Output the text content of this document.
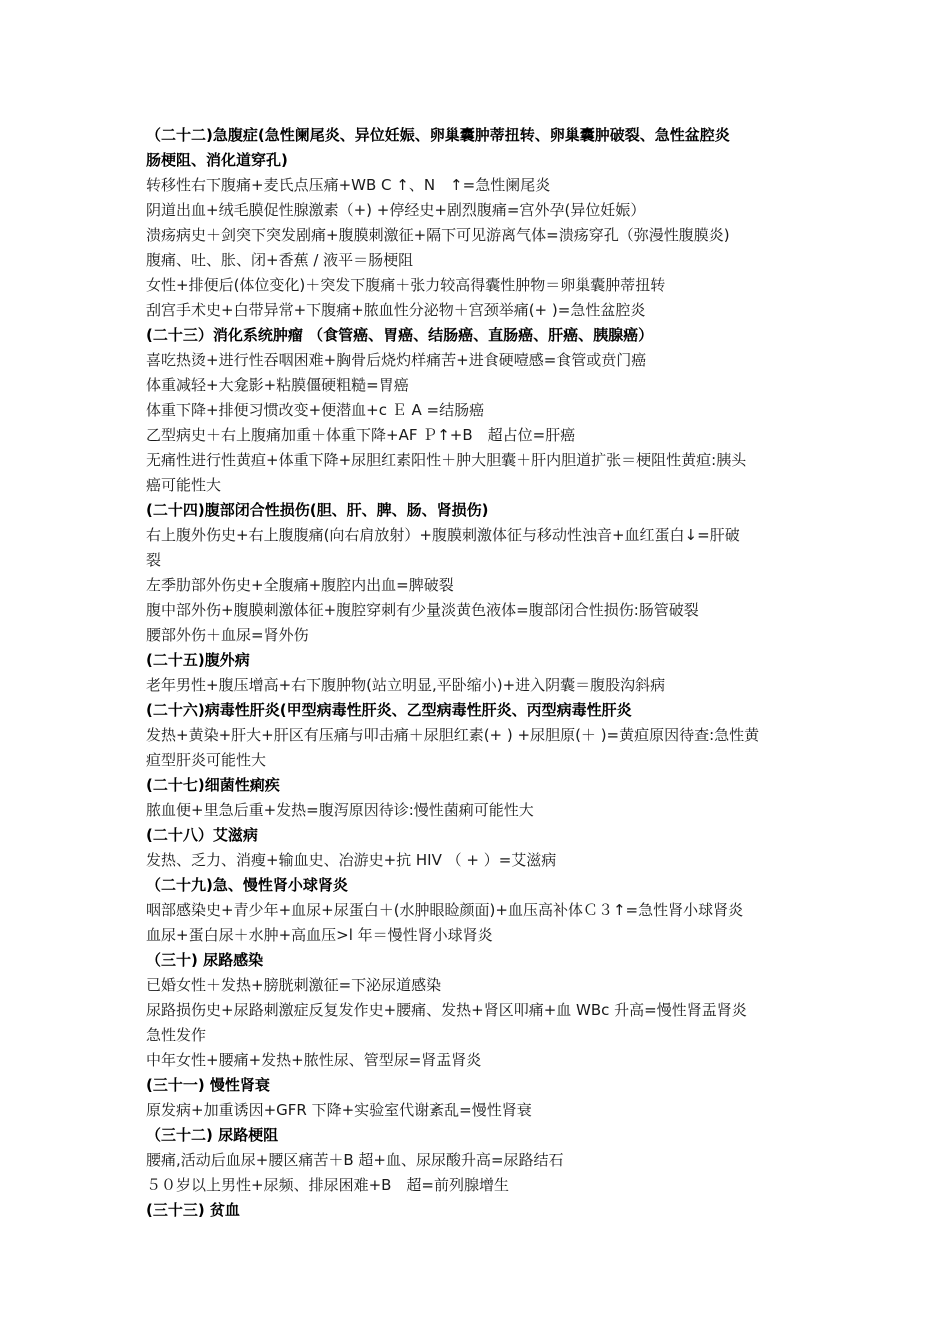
（二十二)急腹症(急性阑尾炎、异位妊娠、卵巢囊肿蒂扭转、卵巢囊肿破裂、急性盆腔炎
肠梗阻、消化道穿孔)
转移性右下腹痛+麦氏点压痛+WB C ↑、N　↑=急性阑尾炎
阴道出血+绒毛膜促性腺激素（+) +停经史+剧烈腹痛=宫外孕(异位妊娠）
溃疡病史＋剑突下突发剧痛+腹膜刺激征+隔下可见游离气体=溃疡穿孔（弥漫性腹膜炎)
腹痛、吐、胀、闭+香蕉 / 液平＝肠梗阻
女性+排便后(体位变化)＋突发下腹痛＋张力较高得囊性肿物＝卵巢囊肿蒂扭转
刮宫手术史+白带异常+下腹痛+脓血性分泌物＋宫颈举痛(+ )=急性盆腔炎
(二十三）消化系统肿瘤 （食管癌、胃癌、结肠癌、直肠癌、肝癌、胰腺癌）
喜吃热烫+进行性吞咽困难+胸骨后烧灼样痛苦+进食硬噎感=食管或贲门癌
体重减轻+大龛影+粘膜僵硬粗糙=胃癌
体重下降+排便习惯改变+便潜血+c Ｅ A =结肠癌
乙型病史＋右上腹痛加重＋体重下降+AF Ｐ↑+B　超占位=肝癌
无痛性进行性黄疸+体重下降+尿胆红素阳性＋肿大胆囊＋肝内胆道扩张＝梗阻性黄疸:胰头
癌可能性大
(二十四)腹部闭合性损伤(胆、肝、脾、肠、肾损伤)
右上腹外伤史+右上腹腹痛(向右肩放射）+腹膜刺激体征与移动性浊音+血红蛋白↓=肝破
裂
左季肋部外伤史+全腹痛+腹腔内出血=脾破裂
腹中部外伤+腹膜刺激体征+腹腔穿刺有少量淡黄色液体=腹部闭合性损伤:肠管破裂
腰部外伤＋血尿=肾外伤
(二十五)腹外病
老年男性+腹压增高+右下腹肿物(站立明显,平卧缩小)+进入阴囊＝腹股沟斜病
(二十六)病毒性肝炎(甲型病毒性肝炎、乙型病毒性肝炎、丙型病毒性肝炎
发热+黄染+肝大+肝区有压痛与叩击痛＋尿胆红素(+ ) +尿胆原(＋ )=黄疸原因待查:急性黄
疸型肝炎可能性大
(二十七)细菌性痢疾
脓血便+里急后重+发热=腹泻原因待诊:慢性菌痢可能性大
(二十八）艾滋病
发热、乏力、消瘦+输血史、冶游史+抗 HIV （ + ）=艾滋病
（二十九)急、慢性肾小球肾炎
咽部感染史+青少年+血尿+尿蛋白＋(水肿眼睑颜面)+血压高补体Ｃ３↑=急性肾小球肾炎
血尿+蛋白尿＋水肿+高血压>l 年＝慢性肾小球肾炎
（三十) 尿路感染
已婚女性＋发热+膀胱刺激征=下泌尿道感染
尿路损伤史+尿路刺激症反复发作史+腰痛、发热+肾区叩痛+血 WBc 升高=慢性肾盂肾炎
急性发作
中年女性+腰痛+发热+脓性尿、管型尿=肾盂肾炎
(三十一) 慢性肾衰
原发病+加重诱因+GFR 下降+实验室代谢紊乱=慢性肾衰
（三十二) 尿路梗阻
腰痛,活动后血尿+腰区痛苦＋B 超+血、尿尿酸升高=尿路结石
５０岁以上男性+尿频、排尿困难+B　超=前列腺增生
(三十三) 贫血
